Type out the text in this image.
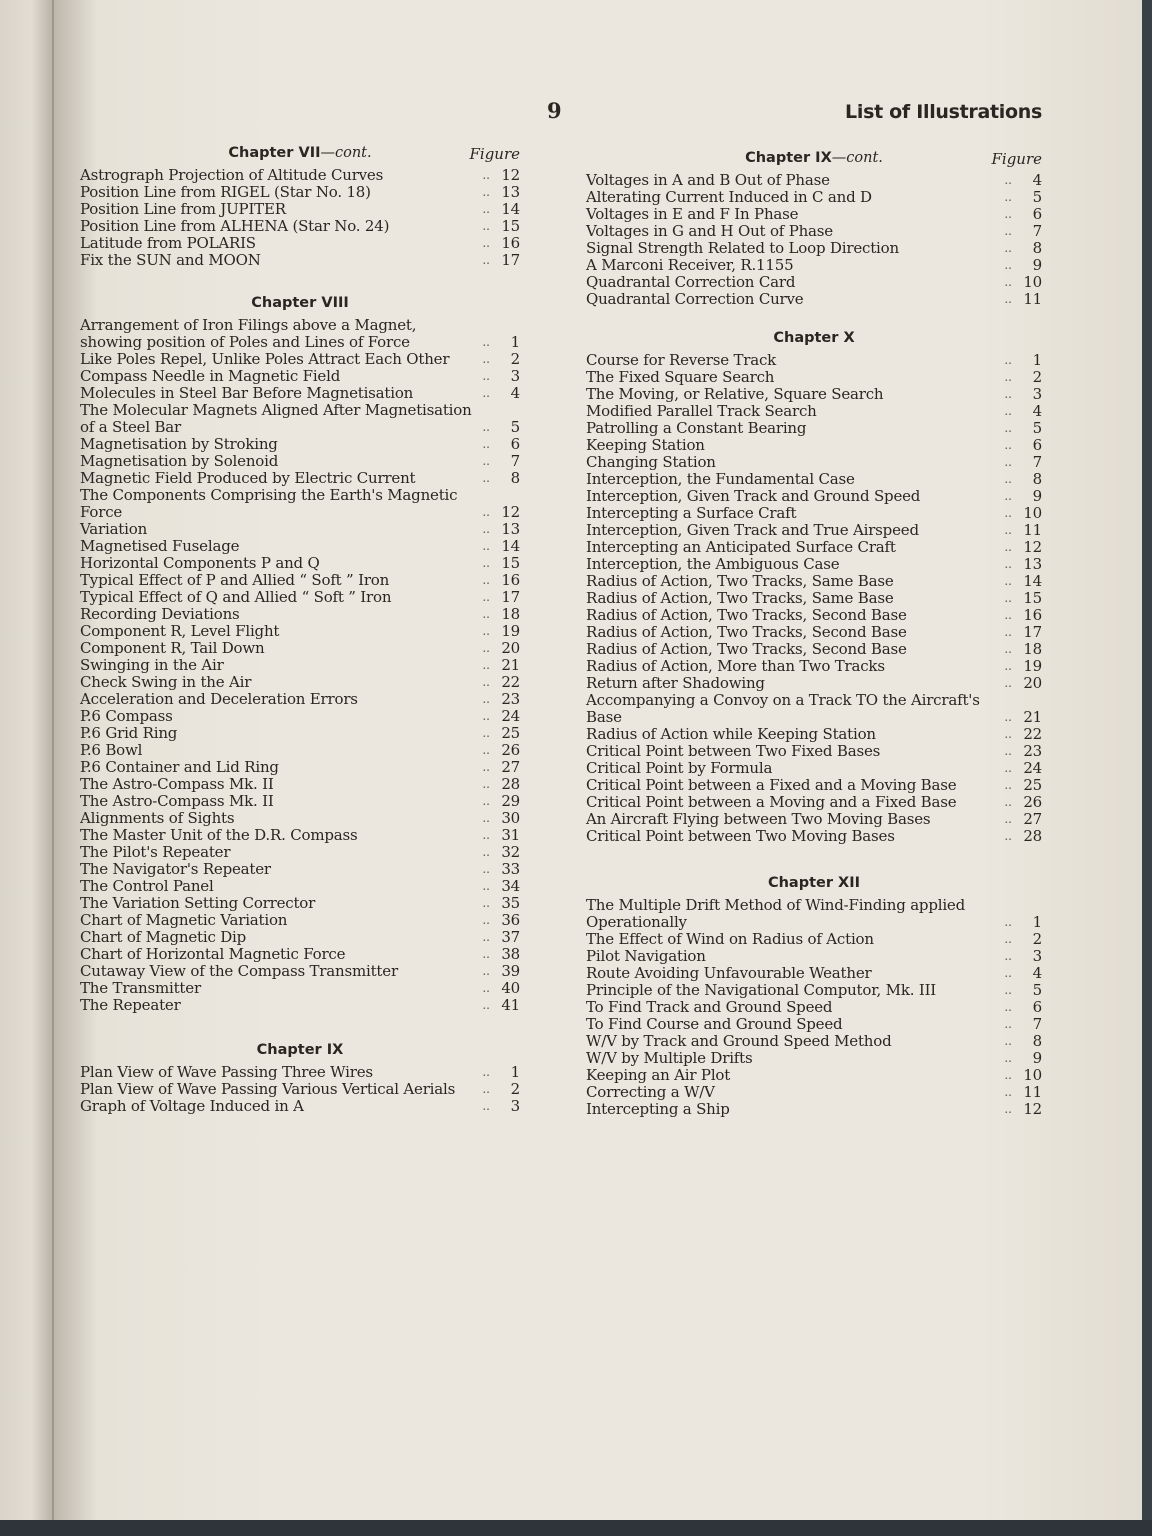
9	List of Illustrations
Chapter VII—cont.	Figure
Astrograph Projection of Altitude Curves	.. 12
Position Line from RIGEL (Star No. 18)	.. 13
Position Line from JUPITER	.. 14
Position Line from ALHENA (Star No. 24)	.. 15
Latitude from POLARIS	.. 16
Fix the SUN and MOON	.. 17
Chapter VIII
Arrangement of Iron Filings above a Magnet, showing position of Poles and Lines of Force	..	1
Like Poles Repel, Unlike Poles Attract Each Other	..	2
Compass Needle in Magnetic Field	..	3
Molecules in Steel Bar Before Magnetisation	..	4
The Molecular Magnets Aligned After Magnetisation of a Steel Bar	..	5
Magnetisation by Stroking	..	6
Magnetisation by Solenoid	..	7
Magnetic Field Produced by Electric Current	..	8
The Components Comprising the Earth's Magnetic Force	.. 12
Variation	.. 13
Magnetised Fuselage	.. 14
Horizontal Components P and Q	.. 15
Typical Effect of P and Allied “ Soft ” Iron	.. 16
Typical Effect of Q and Allied “ Soft ” Iron	.. 17
Recording Deviations	.. 18
Component R, Level Flight	.. 19
Component R, Tail Down	.. 20
Swinging in the Air	.. 21
Check Swing in the Air	.. 22
Acceleration and Deceleration Errors	.. 23
P.6 Compass	.. 24
P.6 Grid Ring	.. 25
P.6 Bowl	.. 26
P.6 Container and Lid Ring	.. 27
The Astro-Compass Mk. II	.. 28
The Astro-Compass Mk. II	.. 29
Alignments of Sights	.. 30
The Master Unit of the D.R. Compass	.. 31
The Pilot's Repeater	.. 32
The Navigator's Repeater	.. 33
The Control Panel	.. 34
The Variation Setting Corrector	.. 35
Chart of Magnetic Variation	.. 36
Chart of Magnetic Dip	.. 37
Chart of Horizontal Magnetic Force	.. 38
Cutaway View of the Compass Transmitter	.. 39
The Transmitter	.. 40
The Repeater	.. 41
Chapter IX
Plan View of Wave Passing Three Wires	..	1
Plan View of Wave Passing Various Vertical Aerials	..	2
Graph of Voltage Induced in A	..	3
Chapter IX—cont.	Figure
Voltages in A and B Out of Phase	..	4
Alterating Current Induced in C and D	..	5
Voltages in E and F In Phase	..	6
Voltages in G and H Out of Phase	..	7
Signal Strength Related to Loop Direction	..	8
A Marconi Receiver, R.1155	..	9
Quadrantal Correction Card	.. 10
Quadrantal Correction Curve	.. 11
Chapter X
Course for Reverse Track	..	1
The Fixed Square Search	..	2
The Moving, or Relative, Square Search	..	3
Modified Parallel Track Search	..	4
Patrolling a Constant Bearing	..	5
Keeping Station	..	6
Changing Station	..	7
Interception, the Fundamental Case	..	8
Interception, Given Track and Ground Speed	..	9
Intercepting a Surface Craft	.. 10
Interception, Given Track and True Airspeed	.. 11
Intercepting an Anticipated Surface Craft	.. 12
Interception, the Ambiguous Case	.. 13
Radius of Action, Two Tracks, Same Base	.. 14
Radius of Action, Two Tracks, Same Base	.. 15
Radius of Action, Two Tracks, Second Base	.. 16
Radius of Action, Two Tracks, Second Base	.. 17
Radius of Action, Two Tracks, Second Base	.. 18
Radius of Action, More than Two Tracks	.. 19
Return after Shadowing	.. 20
Accompanying a Convoy on a Track TO the Aircraft's Base	.. 21
Radius of Action while Keeping Station	.. 22
Critical Point between Two Fixed Bases	.. 23
Critical Point by Formula	.. 24
Critical Point between a Fixed and a Moving Base	.. 25
Critical Point between a Moving and a Fixed Base	.. 26
An Aircraft Flying between Two Moving Bases	.. 27
Critical Point between Two Moving Bases	.. 28
Chapter XII
The Multiple Drift Method of Wind-Finding applied Operationally	..	1
The Effect of Wind on Radius of Action	..	2
Pilot Navigation	..	3
Route Avoiding Unfavourable Weather	..	4
Principle of the Navigational Computor, Mk. III	..	5
To Find Track and Ground Speed	..	6
To Find Course and Ground Speed	..	7
W/V by Track and Ground Speed Method	..	8
W/V by Multiple Drifts	..	9
Keeping an Air Plot	.. 10
Correcting a W/V	.. 11
Intercepting a Ship	.. 12
